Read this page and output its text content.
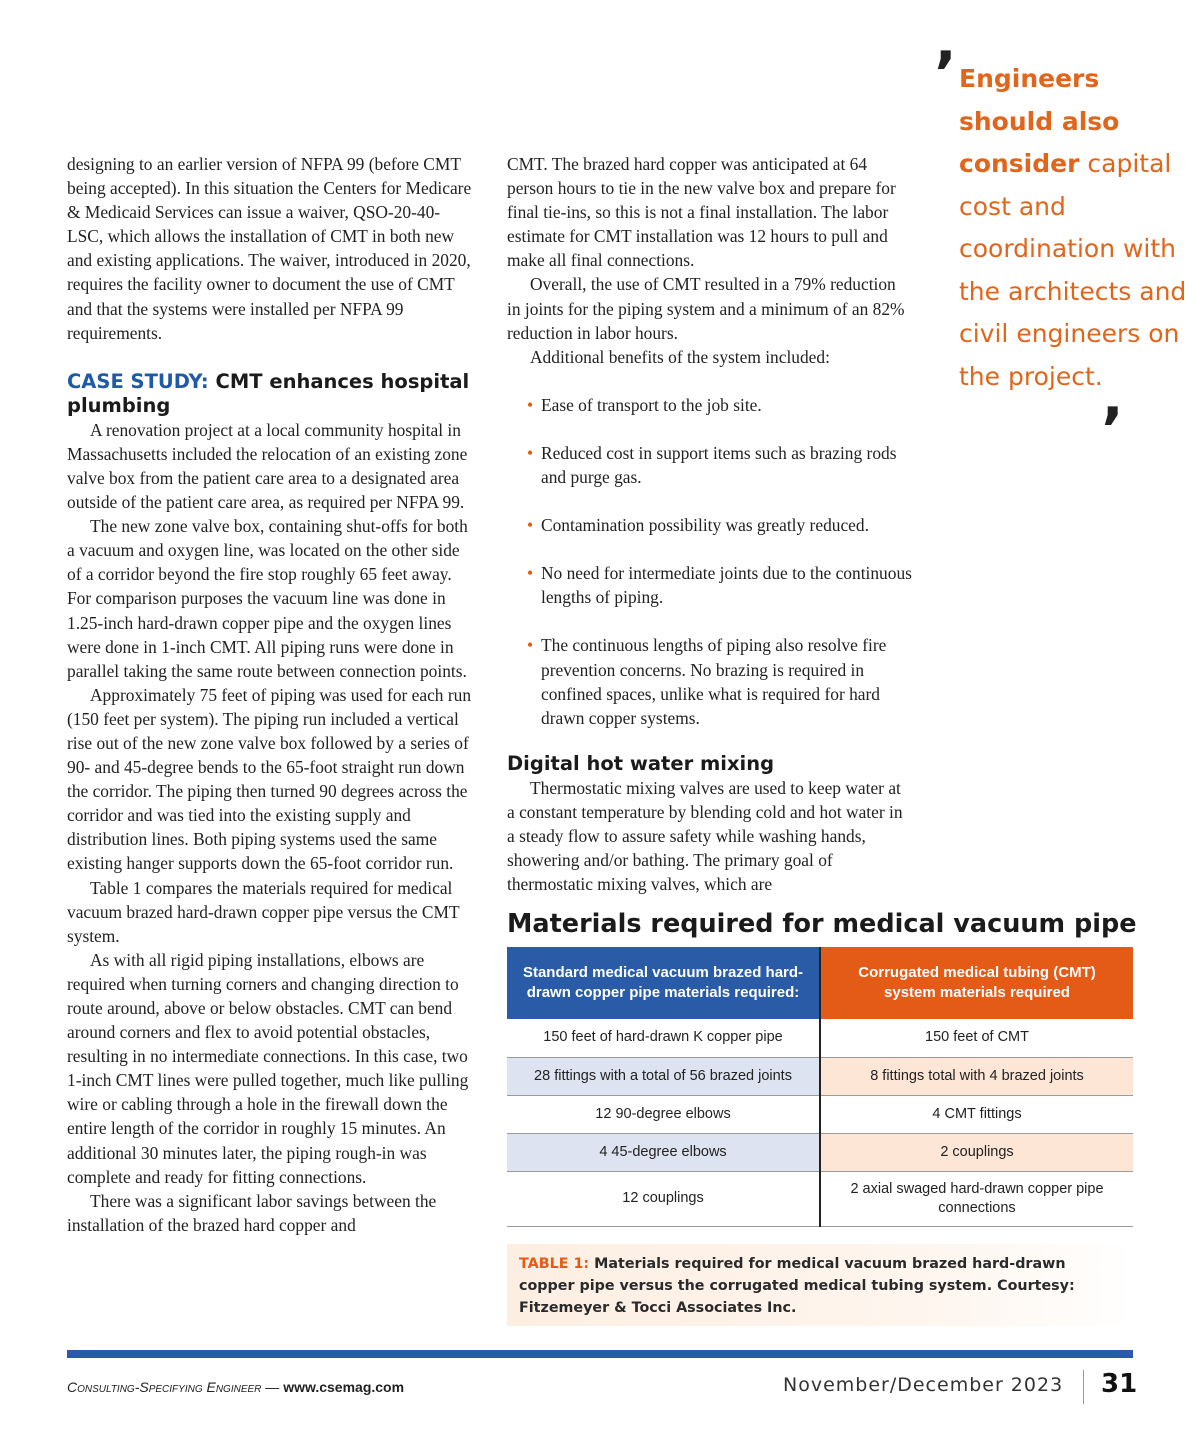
designing to an earlier version of NFPA 99 (before CMT being accepted). In this situation the Centers for Medicare & Medicaid Services can issue a waiver, QSO-20-40-LSC, which allows the installation of CMT in both new and existing applications. The waiver, introduced in 2020, requires the facility owner to document the use of CMT and that the systems were installed per NFPA 99 requirements.

CASE STUDY: CMT enhances hospital plumbing

A renovation project at a local community hospital in Massachusetts included the relocation of an existing zone valve box from the patient care area to a designated area outside of the patient care area, as required per NFPA 99.

The new zone valve box, containing shut-offs for both a vacuum and oxygen line, was located on the other side of a corridor beyond the fire stop roughly 65 feet away. For comparison purposes the vacuum line was done in 1.25-inch hard-drawn copper pipe and the oxygen lines were done in 1-inch CMT. All piping runs were done in parallel taking the same route between connection points.

Approximately 75 feet of piping was used for each run (150 feet per system). The piping run included a vertical rise out of the new zone valve box followed by a series of 90- and 45-degree bends to the 65-foot straight run down the corridor. The piping then turned 90 degrees across the corridor and was tied into the existing supply and distribution lines. Both piping systems used the same existing hanger supports down the 65-foot corridor run.

Table 1 compares the materials required for medical vacuum brazed hard-drawn copper pipe versus the CMT system.

As with all rigid piping installations, elbows are required when turning corners and changing direction to route around, above or below obstacles. CMT can bend around corners and flex to avoid potential obstacles, resulting in no intermediate connections. In this case, two 1-inch CMT lines were pulled together, much like pulling wire or cabling through a hole in the firewall down the entire length of the corridor in roughly 15 minutes. An additional 30 minutes later, the piping rough-in was complete and ready for fitting connections.

There was a significant labor savings between the installation of the brazed hard copper and

CMT. The brazed hard copper was anticipated at 64 person hours to tie in the new valve box and prepare for final tie-ins, so this is not a final installation. The labor estimate for CMT installation was 12 hours to pull and make all final connections.

Overall, the use of CMT resulted in a 79% reduction in joints for the piping system and a minimum of an 82% reduction in labor hours.

Additional benefits of the system included:

• Ease of transport to the job site.

• Reduced cost in support items such as brazing rods and purge gas.

• Contamination possibility was greatly reduced.

• No need for intermediate joints due to the continuous lengths of piping.

• The continuous lengths of piping also resolve fire prevention concerns. No brazing is required in confined spaces, unlike what is required for hard drawn copper systems.

Digital hot water mixing

Thermostatic mixing valves are used to keep water at a constant temperature by blending cold and hot water in a steady flow to assure safety while washing hands, showering and/or bathing. The primary goal of thermostatic mixing valves, which are

’ Engineers should also consider capital cost and coordination with the architects and civil engineers on the project.
’
Materials required for medical vacuum pipe
Standard medical vacuum brazed hard-drawn copper pipe materials required:	Corrugated medical tubing (CMT) system materials required
150 feet of hard-drawn K copper pipe	150 feet of CMT
28 fittings with a total of 56 brazed joints	8 fittings total with 4 brazed joints
12 90-degree elbows	4 CMT fittings
4 45-degree elbows	2 couplings
12 couplings	2 axial swaged hard-drawn copper pipe connections
TABLE 1: Materials required for medical vacuum brazed hard-drawn copper pipe versus the corrugated medical tubing system. Courtesy: Fitzemeyer & Tocci Associates Inc.
Consulting-Specifying Engineer — www.csemag.com	November/December 2023 31
